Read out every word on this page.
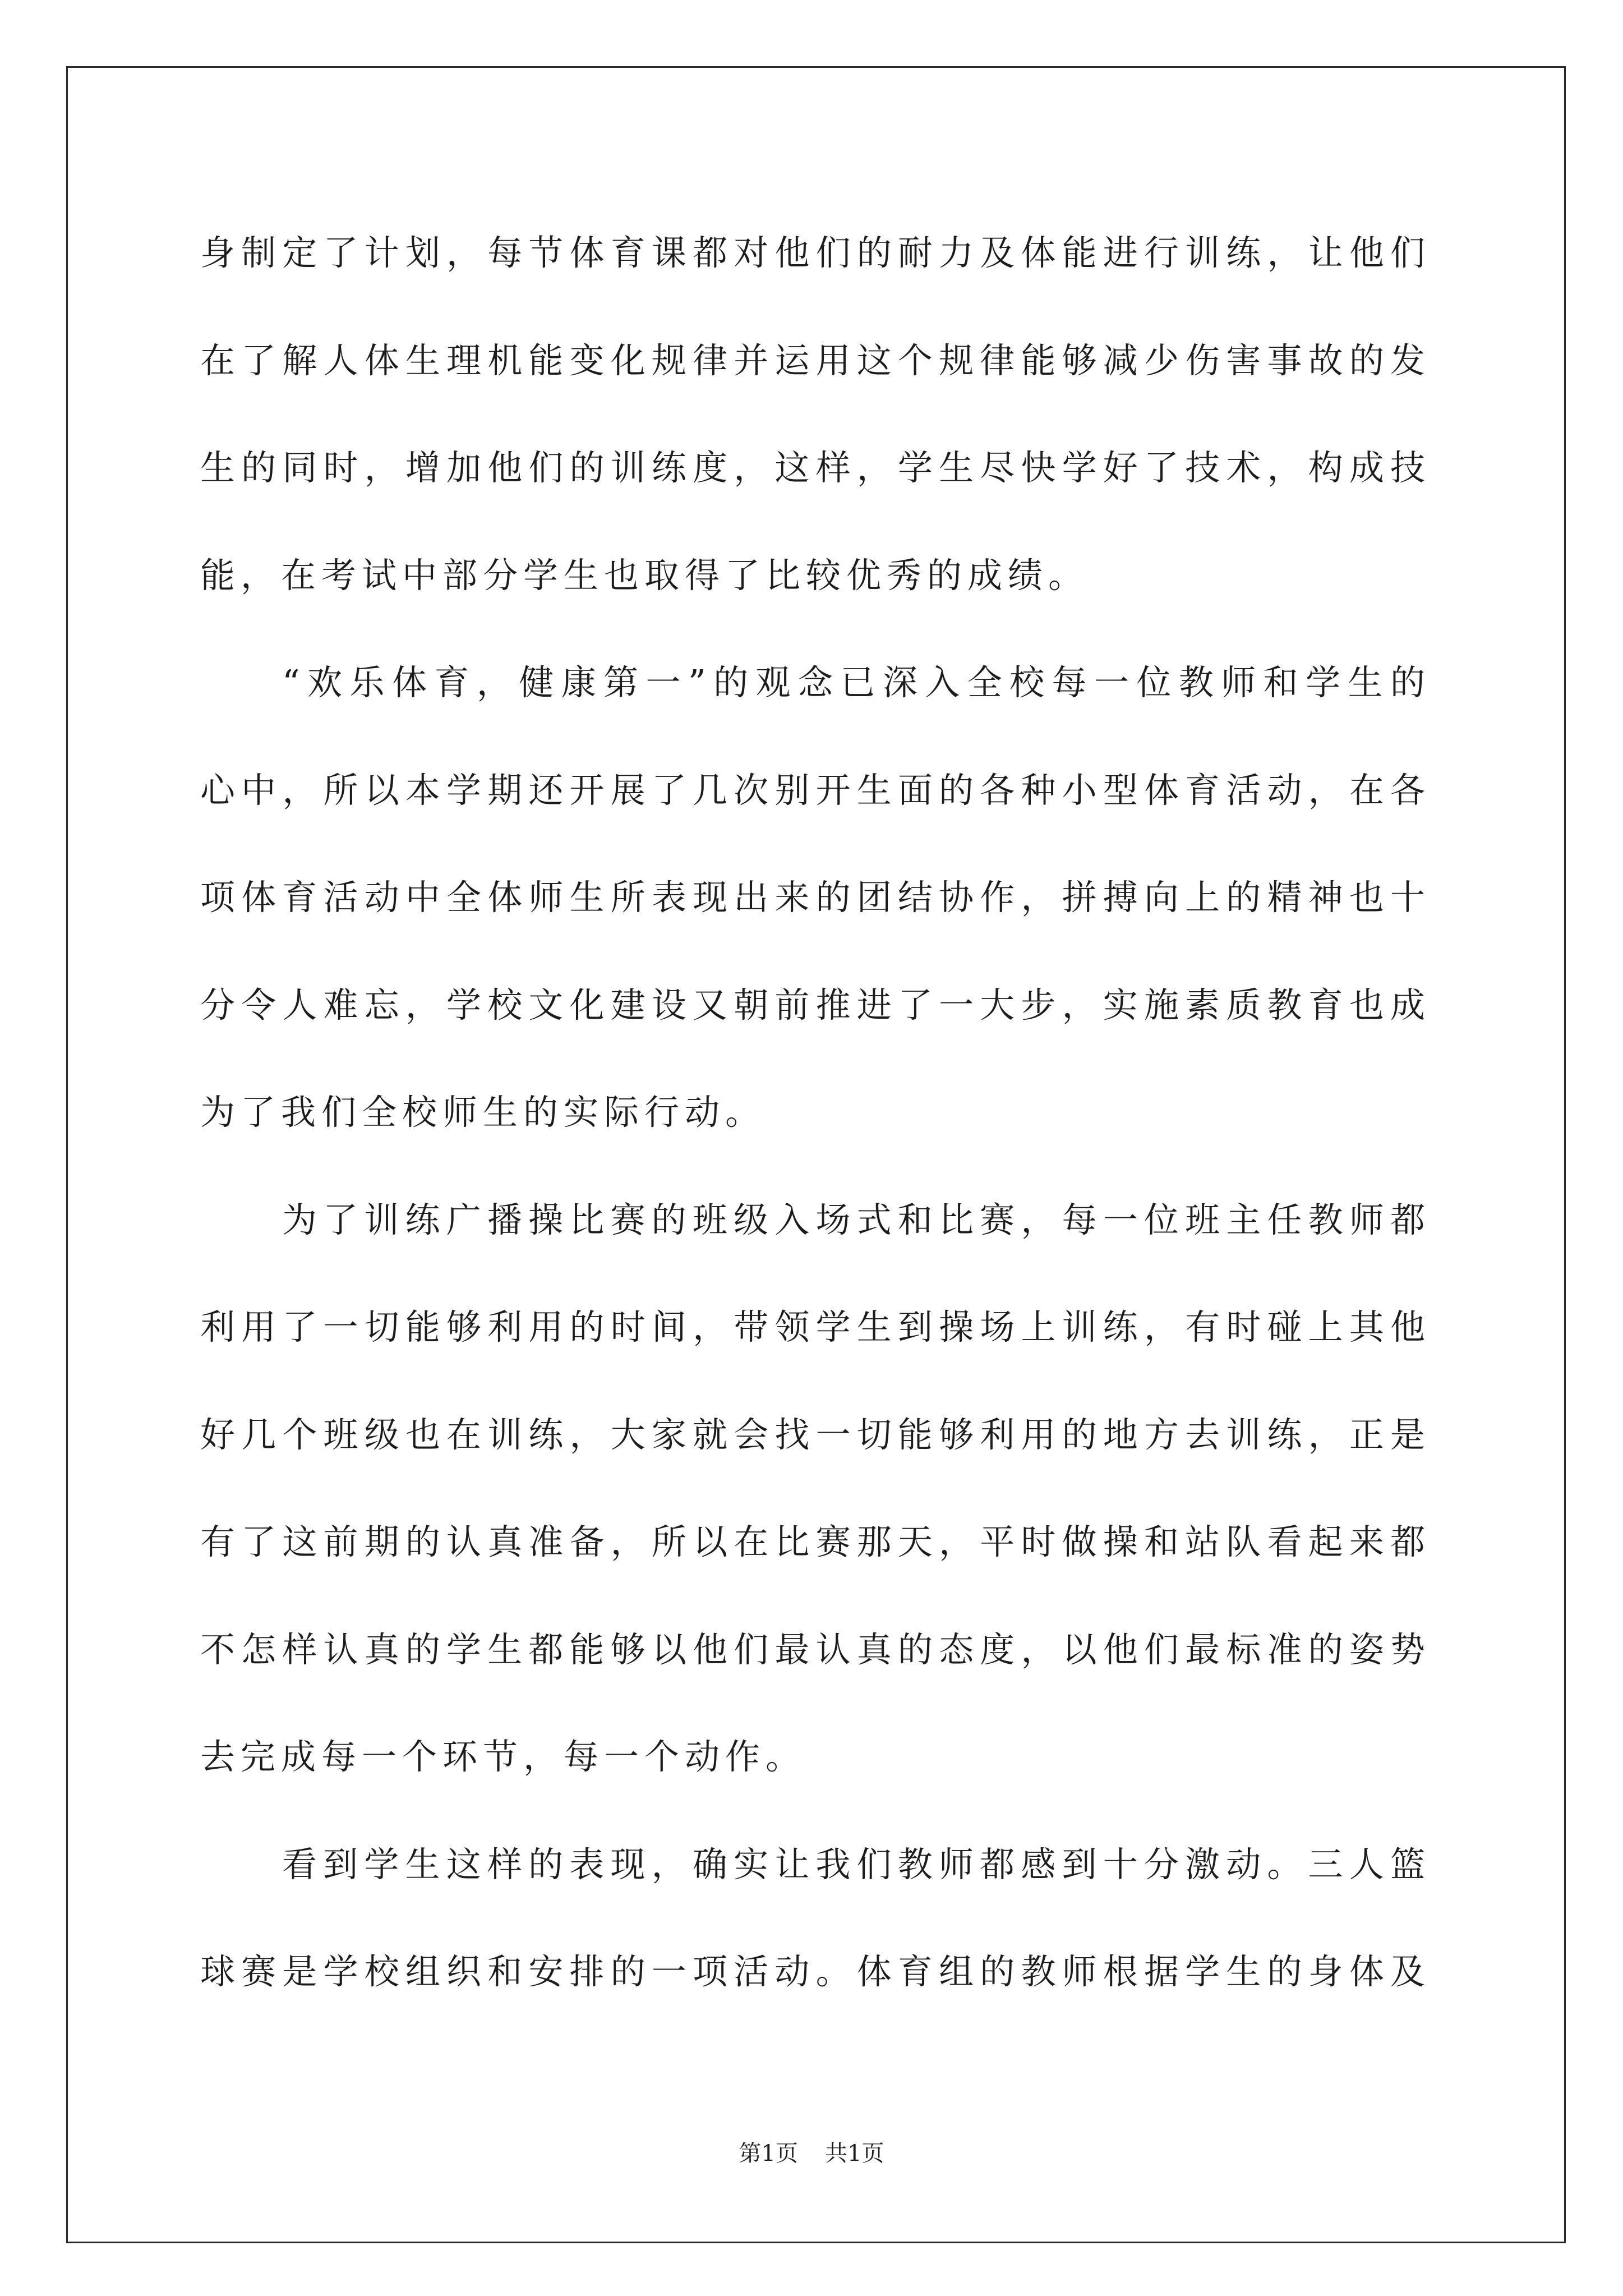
身制定了计划，每节体育课都对他们的耐力及体能进行训练，让他们
在了解人体生理机能变化规律并运用这个规律能够减少伤害事故的发
生的同时，增加他们的训练度，这样，学生尽快学好了技术，构成技
能，在考试中部分学生也取得了比较优秀的成绩。
“欢乐体育，健康第一”的观念已深入全校每一位教师和学生的
心中，所以本学期还开展了几次别开生面的各种小型体育活动，在各
项体育活动中全体师生所表现出来的团结协作，拼搏向上的精神也十
分令人难忘，学校文化建设又朝前推进了一大步，实施素质教育也成
为了我们全校师生的实际行动。
为了训练广播操比赛的班级入场式和比赛，每一位班主任教师都
利用了一切能够利用的时间，带领学生到操场上训练，有时碰上其他
好几个班级也在训练，大家就会找一切能够利用的地方去训练，正是
有了这前期的认真准备，所以在比赛那天，平时做操和站队看起来都
不怎样认真的学生都能够以他们最认真的态度，以他们最标准的姿势
去完成每一个环节，每一个动作。
看到学生这样的表现，确实让我们教师都感到十分激动。三人篮
球赛是学校组织和安排的一项活动。体育组的教师根据学生的身体及
第1页 共1页
